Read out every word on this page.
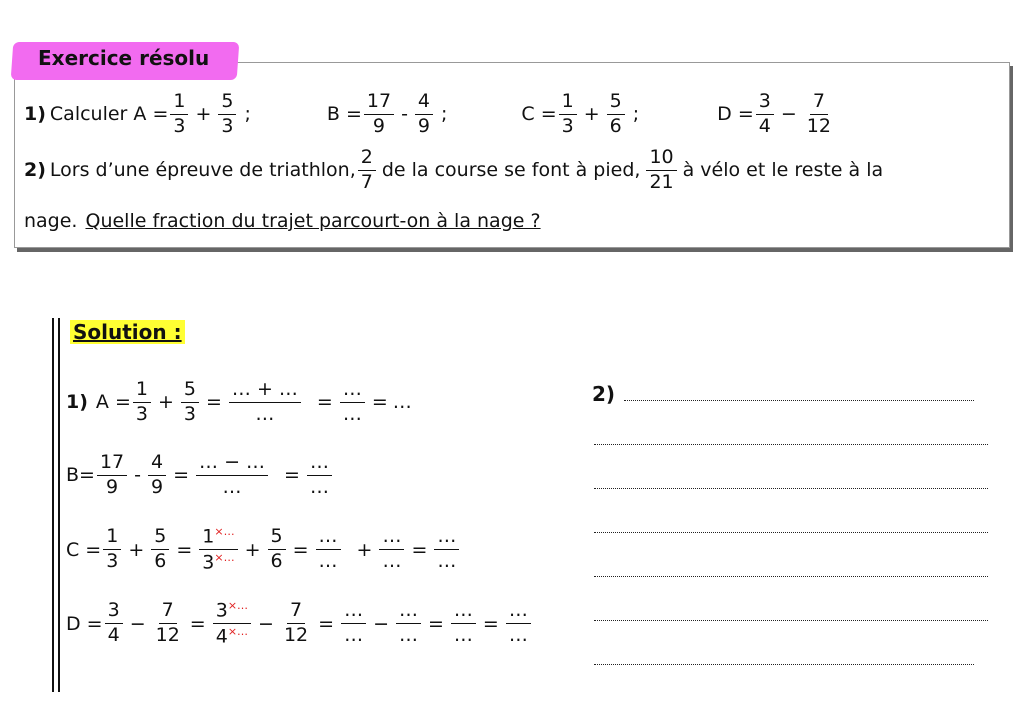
Exercice résolu
1) Calculer $A = \frac{1}{3} + \frac{5}{3}$ ;	$B = \frac{17}{9} - \frac{4}{9}$ ;	$C = \frac{1}{3} + \frac{5}{6}$ ;	$D = \frac{3}{4} - \frac{7}{12}$
2) Lors d’une épreuve de triathlon, $\frac{2}{7}$ de la course se font à pied, $\frac{10}{21}$ à vélo et le reste à la
nage. Quelle fraction du trajet parcourt-on à la nage ?
Solution :
1) $A = \frac{1}{3} + \frac{5}{3} = \frac{\dots + \dots}{\dots} = \frac{\dots}{\dots}$ = …
$B= \frac{17}{9} - \frac{4}{9} = \frac{\dots - \dots}{\dots} = \frac{\dots}{\dots}$
$C = \frac{1}{3} + \frac{5}{6} = \frac{1^{\times\dots}}{3^{\times\dots}} + \frac{5}{6} = \frac{\dots}{\dots} + \frac{\dots}{\dots} = \frac{\dots}{\dots}$
$D = \frac{3}{4} - \frac{7}{12} = \frac{3^{\times\dots}}{4^{\times\dots}} - \frac{7}{12} = \frac{\dots}{\dots} - \frac{\dots}{\dots} = \frac{\dots}{\dots} = \frac{\dots}{\dots}$
2)
